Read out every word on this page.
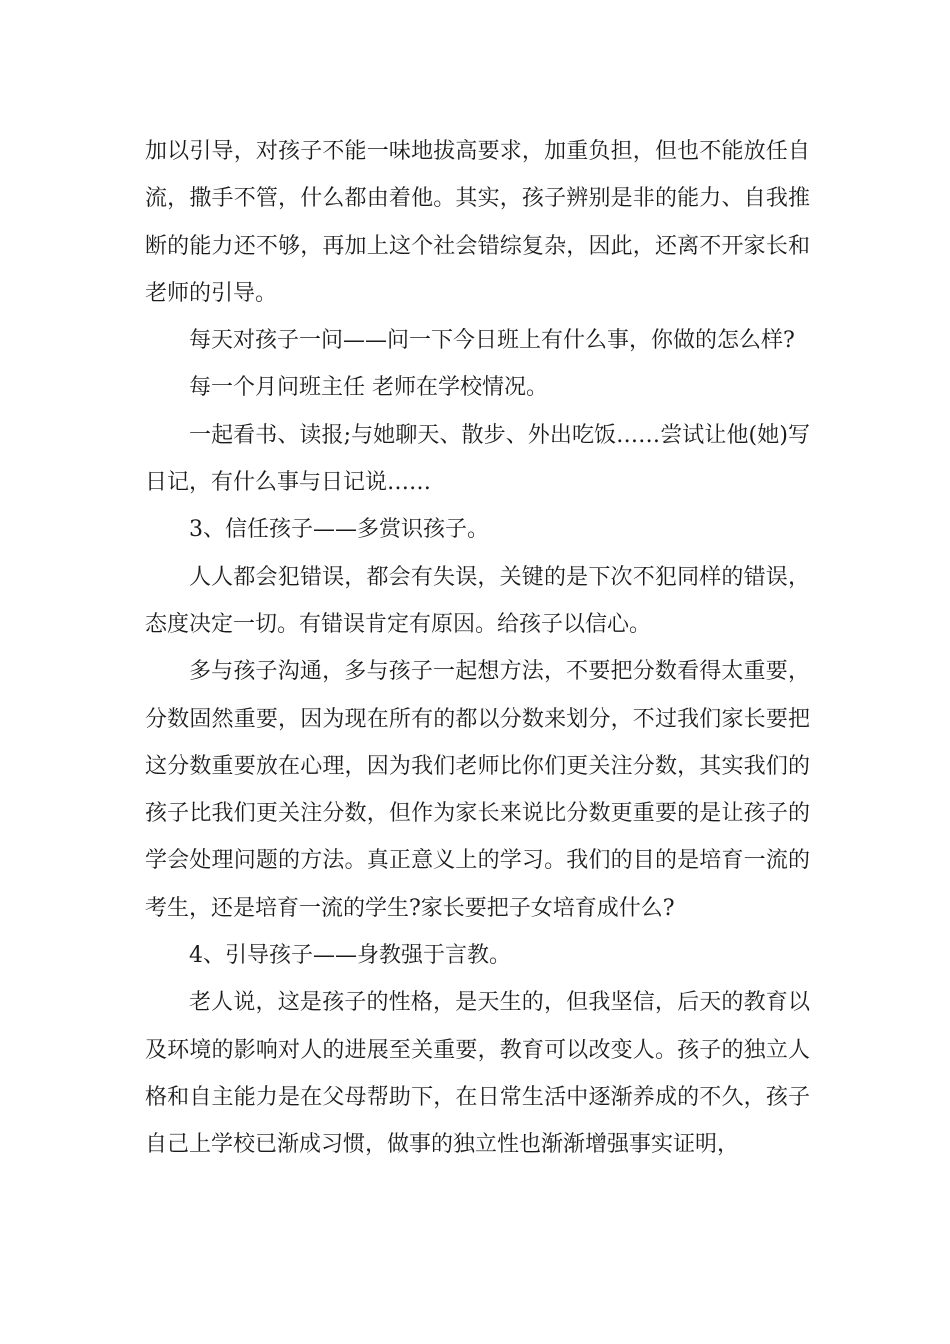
加以引导，对孩子不能一味地拔高要求，加重负担，但也不能放任自流，撒手不管，什么都由着他。其实，孩子辨别是非的能力、自我推断的能力还不够，再加上这个社会错综复杂，因此，还离不开家长和老师的引导。

每天对孩子一问——问一下今日班上有什么事，你做的怎么样?

每一个月问班主任 老师在学校情况。

一起看书、读报;与她聊天、散步、外出吃饭……尝试让他(她)写日记，有什么事与日记说……

3、信任孩子——多赏识孩子。

人人都会犯错误，都会有失误，关键的是下次不犯同样的错误，态度决定一切。有错误肯定有原因。给孩子以信心。

多与孩子沟通，多与孩子一起想方法，不要把分数看得太重要，分数固然重要，因为现在所有的都以分数来划分，不过我们家长要把这分数重要放在心理，因为我们老师比你们更关注分数，其实我们的孩子比我们更关注分数，但作为家长来说比分数更重要的是让孩子的学会处理问题的方法。真正意义上的学习。我们的目的是培育一流的考生，还是培育一流的学生?家长要把子女培育成什么?

4、引导孩子——身教强于言教。

老人说，这是孩子的性格，是天生的，但我坚信，后天的教育以及环境的影响对人的进展至关重要，教育可以改变人。孩子的独立人格和自主能力是在父母帮助下，在日常生活中逐渐养成的不久，孩子自己上学校已渐成习惯，做事的独立性也渐渐增强事实证明，
